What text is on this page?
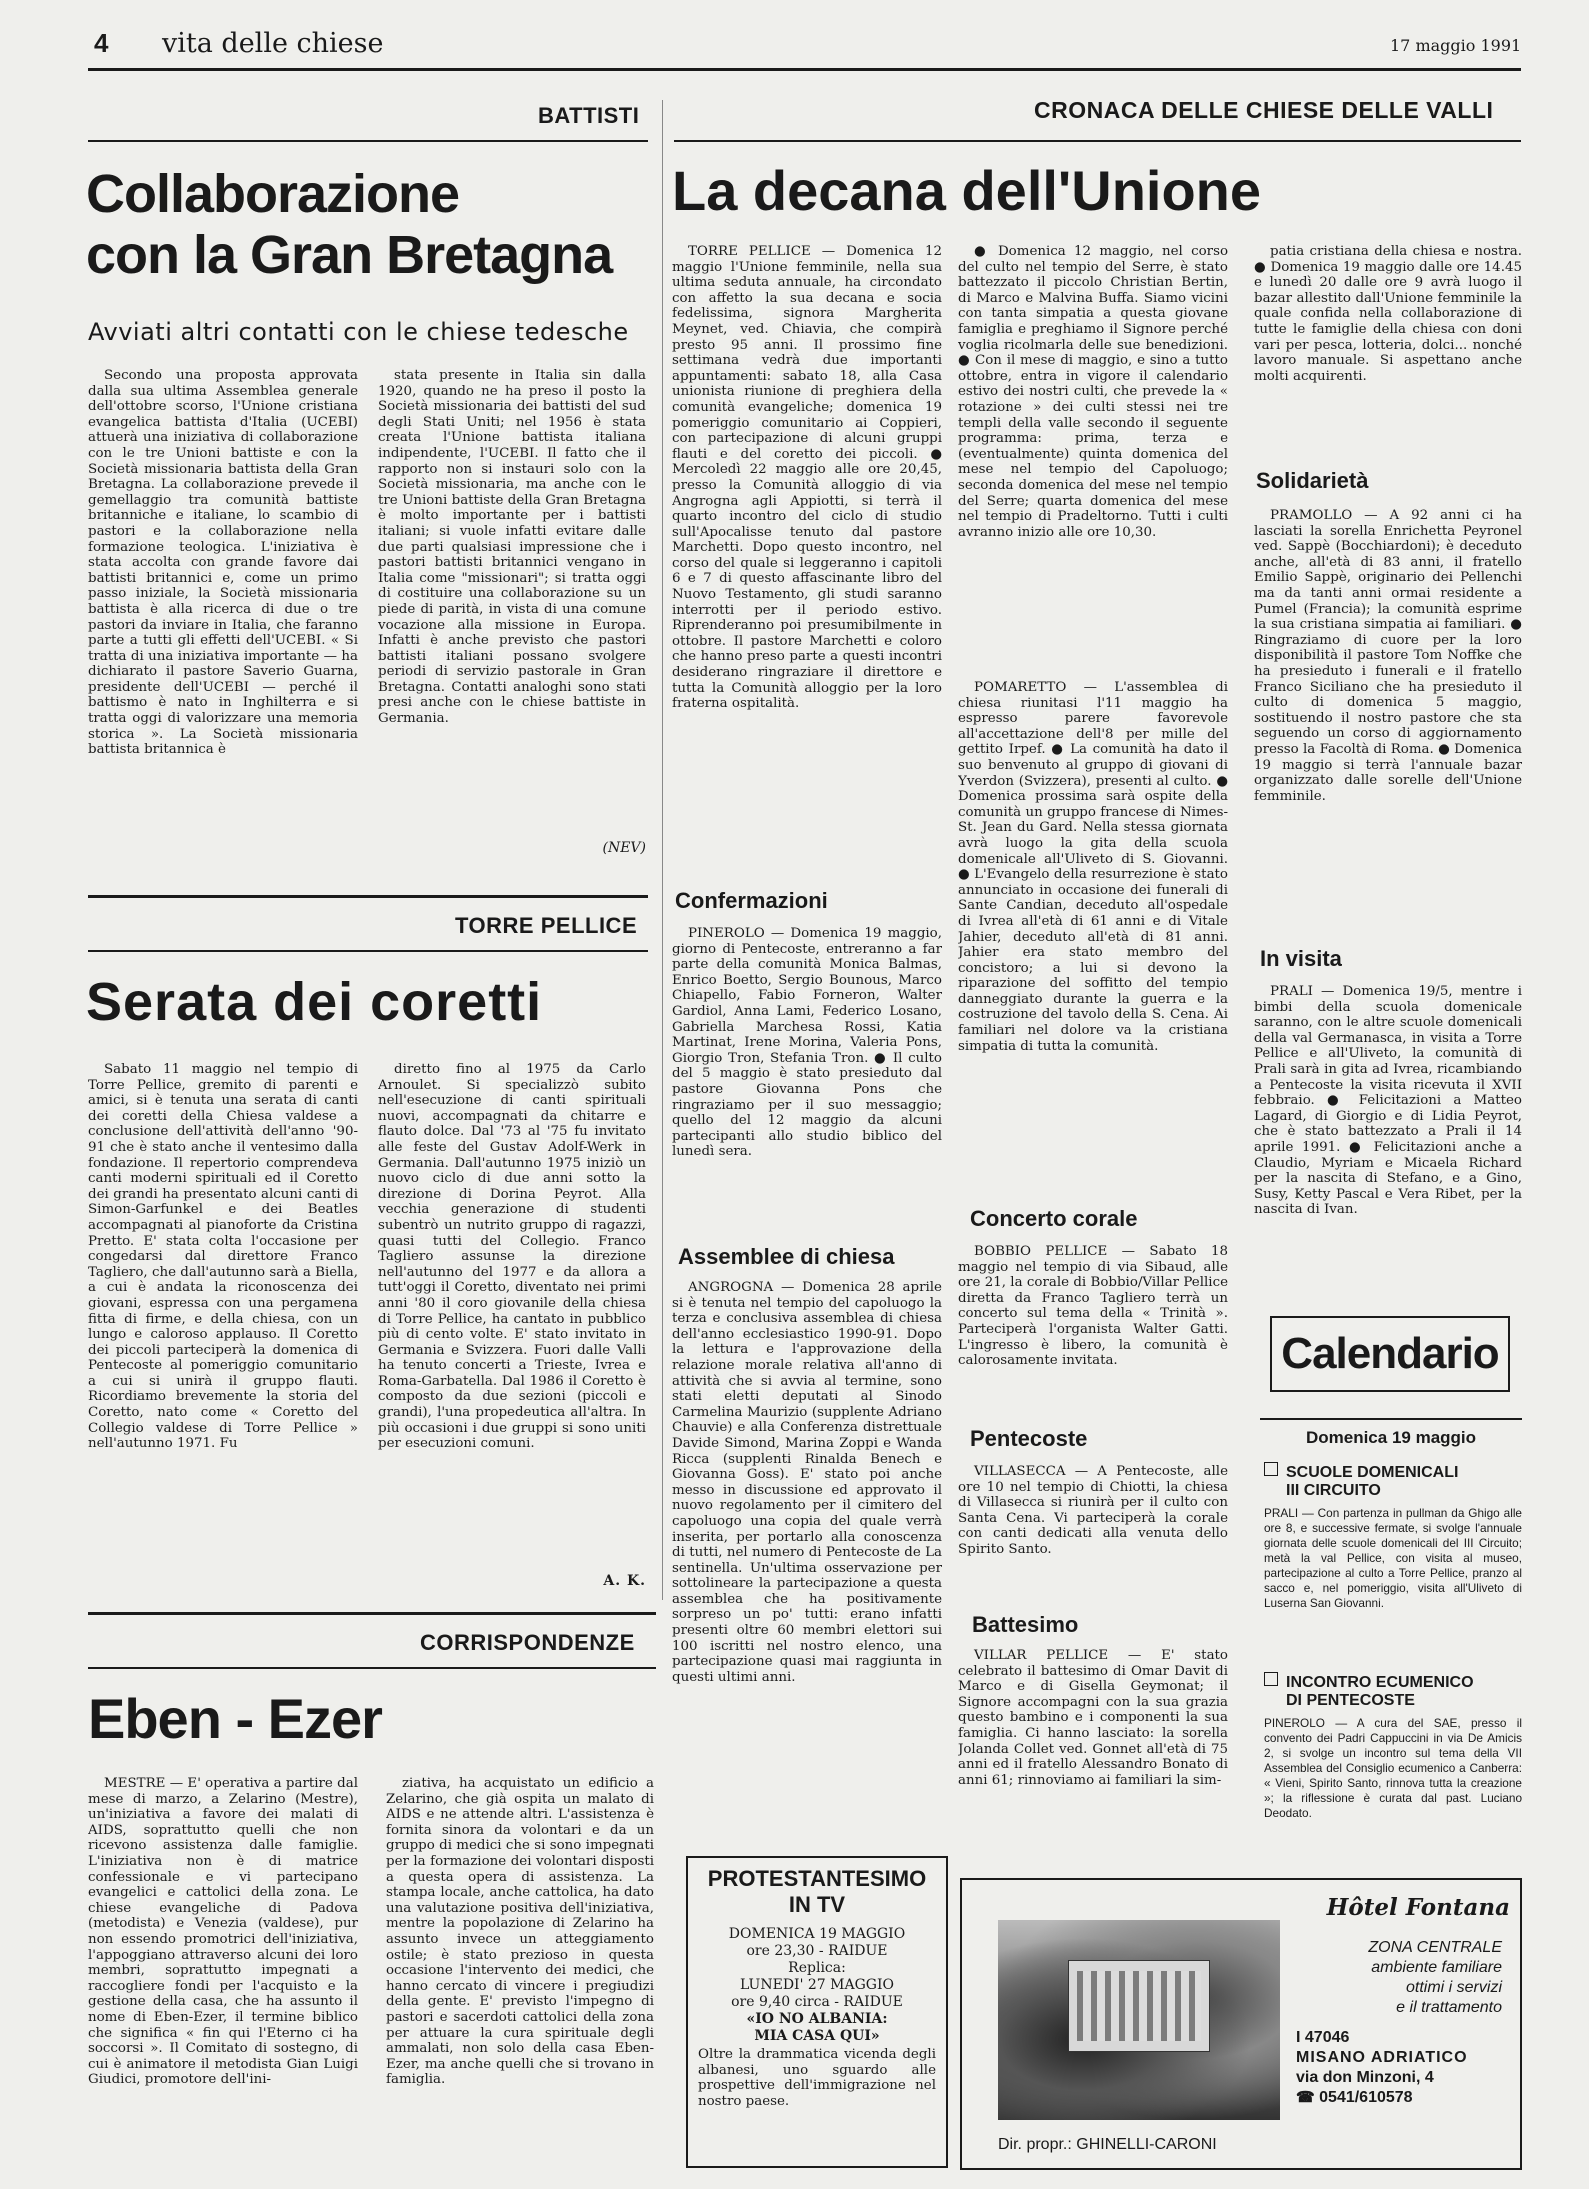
4 vita delle chiese	17 maggio 1991
BATTISTI
Collaborazione
con la Gran Bretagna
Avviati altri contatti con le chiese tedesche

Secondo una proposta approvata dalla sua ultima Assemblea generale dell'ottobre scorso, l'Unione cristiana evangelica battista d'Italia (UCEBI) attuerà una iniziativa di collaborazione con le tre Unioni battiste e con la Società missionaria battista della Gran Bretagna. La collaborazione prevede il gemellaggio tra comunità battiste britanniche e italiane, lo scambio di pastori e la collaborazione nella formazione teologica. L'iniziativa è stata accolta con grande favore dai battisti britannici e, come un primo passo iniziale, la Società missionaria battista è alla ricerca di due o tre pastori da inviare in Italia, che faranno parte a tutti gli effetti dell'UCEBI. « Si tratta di una iniziativa importante — ha dichiarato il pastore Saverio Guarna, presidente dell'UCEBI — perché il battismo è nato in Inghilterra e si tratta oggi di valorizzare una memoria storica ». La Società missionaria battista britannica è

stata presente in Italia sin dalla 1920, quando ne ha preso il posto la Società missionaria dei battisti del sud degli Stati Uniti; nel 1956 è stata creata l'Unione battista italiana indipendente, l'UCEBI. Il fatto che il rapporto non si instauri solo con la Società missionaria, ma anche con le tre Unioni battiste della Gran Bretagna è molto importante per i battisti italiani; si vuole infatti evitare dalle due parti qualsiasi impressione che i pastori battisti britannici vengano in Italia come "missionari"; si tratta oggi di costituire una collaborazione su un piede di parità, in vista di una comune vocazione alla missione in Europa. Infatti è anche previsto che pastori battisti italiani possano svolgere periodi di servizio pastorale in Gran Bretagna. Contatti analoghi sono stati presi anche con le chiese battiste in Germania.

(NEV)
TORRE PELLICE
Serata dei coretti

Sabato 11 maggio nel tempio di Torre Pellice, gremito di parenti e amici, si è tenuta una serata di canti dei coretti della Chiesa valdese a conclusione dell'attività dell'anno '90-91 che è stato anche il ventesimo dalla fondazione. Il repertorio comprendeva canti moderni spirituali ed il Coretto dei grandi ha presentato alcuni canti di Simon-Garfunkel e dei Beatles accompagnati al pianoforte da Cristina Pretto. E' stata colta l'occasione per congedarsi dal direttore Franco Tagliero, che dall'autunno sarà a Biella, a cui è andata la riconoscenza dei giovani, espressa con una pergamena fitta di firme, e della chiesa, con un lungo e caloroso applauso. Il Coretto dei piccoli parteciperà la domenica di Pentecoste al pomeriggio comunitario a cui si unirà il gruppo flauti. Ricordiamo brevemente la storia del Coretto, nato come « Coretto del Collegio valdese di Torre Pellice » nell'autunno 1971. Fu

diretto fino al 1975 da Carlo Arnoulet. Si specializzò subito nell'esecuzione di canti spirituali nuovi, accompagnati da chitarre e flauto dolce. Dal '73 al '75 fu invitato alle feste del Gustav Adolf-Werk in Germania. Dall'autunno 1975 iniziò un nuovo ciclo di due anni sotto la direzione di Dorina Peyrot. Alla vecchia generazione di studenti subentrò un nutrito gruppo di ragazzi, quasi tutti del Collegio. Franco Tagliero assunse la direzione nell'autunno del 1977 e da allora a tutt'oggi il Coretto, diventato nei primi anni '80 il coro giovanile della chiesa di Torre Pellice, ha cantato in pubblico più di cento volte. E' stato invitato in Germania e Svizzera. Fuori dalle Valli ha tenuto concerti a Trieste, Ivrea e Roma-Garbatella. Dal 1986 il Coretto è composto da due sezioni (piccoli e grandi), l'una propedeutica all'altra. In più occasioni i due gruppi si sono uniti per esecuzioni comuni.

A. K.
CORRISPONDENZE
Eben - Ezer

MESTRE — E' operativa a partire dal mese di marzo, a Zelarino (Mestre), un'iniziativa a favore dei malati di AIDS, soprattutto quelli che non ricevono assistenza dalle famiglie. L'iniziativa non è di matrice confessionale e vi partecipano evangelici e cattolici della zona. Le chiese evangeliche di Padova (metodista) e Venezia (valdese), pur non essendo promotrici dell'iniziativa, l'appoggiano attraverso alcuni dei loro membri, soprattutto impegnati a raccogliere fondi per l'acquisto e la gestione della casa, che ha assunto il nome di Eben-Ezer, il termine biblico che significa « fin qui l'Eterno ci ha soccorsi ». Il Comitato di sostegno, di cui è animatore il metodista Gian Luigi Giudici, promotore dell'ini-

ziativa, ha acquistato un edificio a Zelarino, che già ospita un malato di AIDS e ne attende altri. L'assistenza è fornita sinora da volontari e da un gruppo di medici che si sono impegnati per la formazione dei volontari disposti a questa opera di assistenza. La stampa locale, anche cattolica, ha dato una valutazione positiva dell'iniziativa, mentre la popolazione di Zelarino ha assunto invece un atteggiamento ostile; è stato prezioso in questa occasione l'intervento dei medici, che hanno cercato di vincere i pregiudizi della gente. E' previsto l'impegno di pastori e sacerdoti cattolici della zona per attuare la cura spirituale degli ammalati, non solo della casa Eben-Ezer, ma anche quelli che si trovano in famiglia.

CRONACA DELLE CHIESE DELLE VALLI
La decana dell'Unione

TORRE PELLICE — Domenica 12 maggio l'Unione femminile, nella sua ultima seduta annuale, ha circondato con affetto la sua decana e socia fedelissima, signora Margherita Meynet, ved. Chiavia, che compirà presto 95 anni. Il prossimo fine settimana vedrà due importanti appuntamenti: sabato 18, alla Casa unionista riunione di preghiera della comunità evangeliche; domenica 19 pomeriggio comunitario ai Coppieri, con partecipazione di alcuni gruppi flauti e del coretto dei piccoli. ● Mercoledì 22 maggio alle ore 20,45, presso la Comunità alloggio di via Angrogna agli Appiotti, si terrà il quarto incontro del ciclo di studio sull'Apocalisse tenuto dal pastore Marchetti. Dopo questo incontro, nel corso del quale si leggeranno i capitoli 6 e 7 di questo affascinante libro del Nuovo Testamento, gli studi saranno interrotti per il periodo estivo. Riprenderanno poi presumibilmente in ottobre. Il pastore Marchetti e coloro che hanno preso parte a questi incontri desiderano ringraziare il direttore e tutta la Comunità alloggio per la loro fraterna ospitalità.

Confermazioni

PINEROLO — Domenica 19 maggio, giorno di Pentecoste, entreranno a far parte della comunità Monica Balmas, Enrico Boetto, Sergio Bounous, Marco Chiapello, Fabio Forneron, Walter Gardiol, Anna Lami, Federico Losano, Gabriella Marchesa Rossi, Katia Martinat, Irene Morina, Valeria Pons, Giorgio Tron, Stefania Tron. ● Il culto del 5 maggio è stato presieduto dal pastore Giovanna Pons che ringraziamo per il suo messaggio; quello del 12 maggio da alcuni partecipanti allo studio biblico del lunedì sera.

Assemblee di chiesa

ANGROGNA — Domenica 28 aprile si è tenuta nel tempio del capoluogo la terza e conclusiva assemblea di chiesa dell'anno ecclesiastico 1990-91. Dopo la lettura e l'approvazione della relazione morale relativa all'anno di attività che si avvia al termine, sono stati eletti deputati al Sinodo Carmelina Maurizio (supplente Adriano Chauvie) e alla Conferenza distrettuale Davide Simond, Marina Zoppi e Wanda Ricca (supplenti Rinalda Benech e Giovanna Goss). E' stato poi anche messo in discussione ed approvato il nuovo regolamento per il cimitero del capoluogo una copia del quale verrà inserita, per portarlo alla conoscenza di tutti, nel numero di Pentecoste de La sentinella. Un'ultima osservazione per sottolineare la partecipazione a questa assemblea che ha positivamente sorpreso un po' tutti: erano infatti presenti oltre 60 membri elettori sui 100 iscritti nel nostro elenco, una partecipazione quasi mai raggiunta in questi ultimi anni.

● Domenica 12 maggio, nel corso del culto nel tempio del Serre, è stato battezzato il piccolo Christian Bertin, di Marco e Malvina Buffa. Siamo vicini con tanta simpatia a questa giovane famiglia e preghiamo il Signore perché voglia ricolmarla delle sue benedizioni. ● Con il mese di maggio, e sino a tutto ottobre, entra in vigore il calendario estivo dei nostri culti, che prevede la « rotazione » dei culti stessi nei tre templi della valle secondo il seguente programma: prima, terza e (eventualmente) quinta domenica del mese nel tempio del Capoluogo; seconda domenica del mese nel tempio del Serre; quarta domenica del mese nel tempio di Pradeltorno. Tutti i culti avranno inizio alle ore 10,30.

POMARETTO — L'assemblea di chiesa riunitasi l'11 maggio ha espresso parere favorevole all'accettazione dell'8 per mille del gettito Irpef. ● La comunità ha dato il suo benvenuto al gruppo di giovani di Yverdon (Svizzera), presenti al culto. ● Domenica prossima sarà ospite della comunità un gruppo francese di Nimes-St. Jean du Gard. Nella stessa giornata avrà luogo la gita della scuola domenicale all'Uliveto di S. Giovanni. ● L'Evangelo della resurrezione è stato annunciato in occasione dei funerali di Sante Candian, deceduto all'ospedale di Ivrea all'età di 61 anni e di Vitale Jahier, deceduto all'età di 81 anni. Jahier era stato membro del concistoro; a lui si devono la riparazione del soffitto del tempio danneggiato durante la guerra e la costruzione del tavolo della S. Cena. Ai familiari nel dolore va la cristiana simpatia di tutta la comunità.

Concerto corale

BOBBIO PELLICE — Sabato 18 maggio nel tempio di via Sibaud, alle ore 21, la corale di Bobbio/Villar Pellice diretta da Franco Tagliero terrà un concerto sul tema della « Trinità ». Parteciperà l'organista Walter Gatti. L'ingresso è libero, la comunità è calorosamente invitata.

Pentecoste

VILLASECCA — A Pentecoste, alle ore 10 nel tempio di Chiotti, la chiesa di Villasecca si riunirà per il culto con Santa Cena. Vi parteciperà la corale con canti dedicati alla venuta dello Spirito Santo.

Battesimo

VILLAR PELLICE — E' stato celebrato il battesimo di Omar Davit di Marco e di Gisella Geymonat; il Signore accompagni con la sua grazia questo bambino e i componenti la sua famiglia. Ci hanno lasciato: la sorella Jolanda Collet ved. Gonnet all'età di 75 anni ed il fratello Alessandro Bonato di anni 61; rinnoviamo ai familiari la sim-

patia cristiana della chiesa e nostra. ● Domenica 19 maggio dalle ore 14.45 e lunedì 20 dalle ore 9 avrà luogo il bazar allestito dall'Unione femminile la quale confida nella collaborazione di tutte le famiglie della chiesa con doni vari per pesca, lotteria, dolci... nonché lavoro manuale. Si aspettano anche molti acquirenti.

Solidarietà

PRAMOLLO — A 92 anni ci ha lasciati la sorella Enrichetta Peyronel ved. Sappè (Bocchiardoni); è deceduto anche, all'età di 83 anni, il fratello Emilio Sappè, originario dei Pellenchi ma da tanti anni ormai residente a Pumel (Francia); la comunità esprime la sua cristiana simpatia ai familiari. ● Ringraziamo di cuore per la loro disponibilità il pastore Tom Noffke che ha presieduto i funerali e il fratello Franco Siciliano che ha presieduto il culto di domenica 5 maggio, sostituendo il nostro pastore che sta seguendo un corso di aggiornamento presso la Facoltà di Roma. ● Domenica 19 maggio si terrà l'annuale bazar organizzato dalle sorelle dell'Unione femminile.

In visita

PRALI — Domenica 19/5, mentre i bimbi della scuola domenicale saranno, con le altre scuole domenicali della val Germanasca, in visita a Torre Pellice e all'Uliveto, la comunità di Prali sarà in gita ad Ivrea, ricambiando a Pentecoste la visita ricevuta il XVII febbraio. ● Felicitazioni a Matteo Lagard, di Giorgio e di Lidia Peyrot, che è stato battezzato a Prali il 14 aprile 1991. ● Felicitazioni anche a Claudio, Myriam e Micaela Richard per la nascita di Stefano, e a Gino, Susy, Ketty Pascal e Vera Ribet, per la nascita di Ivan.

PROTESTANTESIMO
IN TV
DOMENICA 19 MAGGIO
ore 23,30 - RAIDUE
Replica:
LUNEDI' 27 MAGGIO
ore 9,40 circa - RAIDUE
«IO NO ALBANIA:
MIA CASA QUI»
Oltre la drammatica vicenda degli albanesi, uno sguardo alle prospettive dell'immigrazione nel nostro paese.
Calendario
Domenica 19 maggio
SCUOLE DOMENICALI
III CIRCUITO
PRALI — Con partenza in pullman da Ghigo alle ore 8, e successive fermate, si svolge l'annuale giornata delle scuole domenicali del III Circuito; metà la val Pellice, con visita al museo, partecipazione al culto a Torre Pellice, pranzo al sacco e, nel pomeriggio, visita all'Uliveto di Luserna San Giovanni.
INCONTRO ECUMENICO
DI PENTECOSTE
PINEROLO — A cura del SAE, presso il convento dei Padri Cappuccini in via De Amicis 2, si svolge un incontro sul tema della VII Assemblea del Consiglio ecumenico a Canberra: « Vieni, Spirito Santo, rinnova tutta la creazione »; la riflessione è curata dal past. Luciano Deodato.
Hôtel Fontana
ZONA CENTRALE
ambiente familiare
ottimi i servizi
e il trattamento
I 47046
MISANO ADRIATICO
via don Minzoni, 4
☎ 0541/610578
Dir. propr.: GHINELLI-CARONI
